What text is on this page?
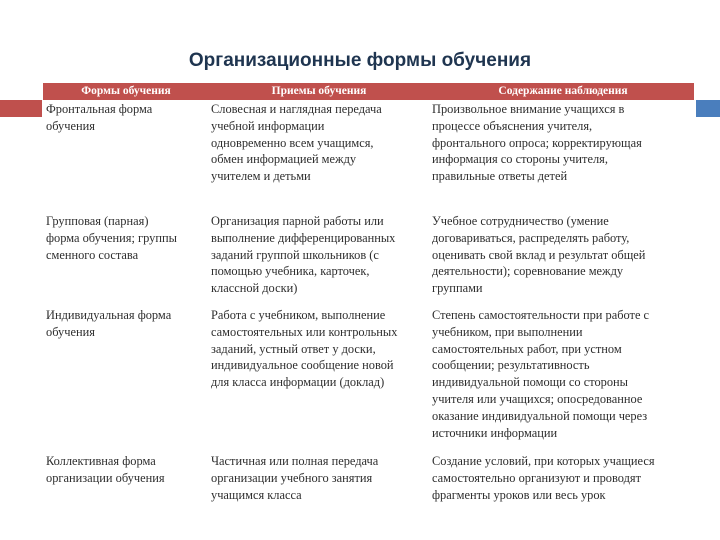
Организационные формы обучения
Формы обучения	Приемы обучения	Содержание наблюдения
Фронтальная форма
обучения
Словесная и наглядная передача
учебной информации
одновременно всем учащимся,
обмен информацией между
учителем и детьми
Произвольное внимание учащихся в
процессе объяснения учителя,
фронтального опроса; корректирующая
информация со стороны учителя,
правильные ответы детей
Групповая (парная)
форма обучения; группы
сменного состава
Организация парной работы или
выполнение дифференцированных
заданий группой школьников (с
помощью учебника, карточек,
классной доски)
Учебное сотрудничество (умение
договариваться, распределять работу,
оценивать свой вклад и результат общей
деятельности); соревнование между
группами
Индивидуальная форма
обучения
Работа с учебником, выполнение
самостоятельных или контрольных
заданий, устный ответ у доски,
индивидуальное сообщение новой
для класса информации (доклад)
Степень самостоятельности при работе с
учебником, при выполнении
самостоятельных работ, при устном
сообщении; результативность
индивидуальной помощи со стороны
учителя или учащихся; опосредованное
оказание индивидуальной помощи через
источники информации
Коллективная форма
организации обучения
Частичная или полная передача
организации учебного занятия
учащимся класса
Создание условий, при которых учащиеся
самостоятельно организуют и проводят
фрагменты уроков или весь урок
